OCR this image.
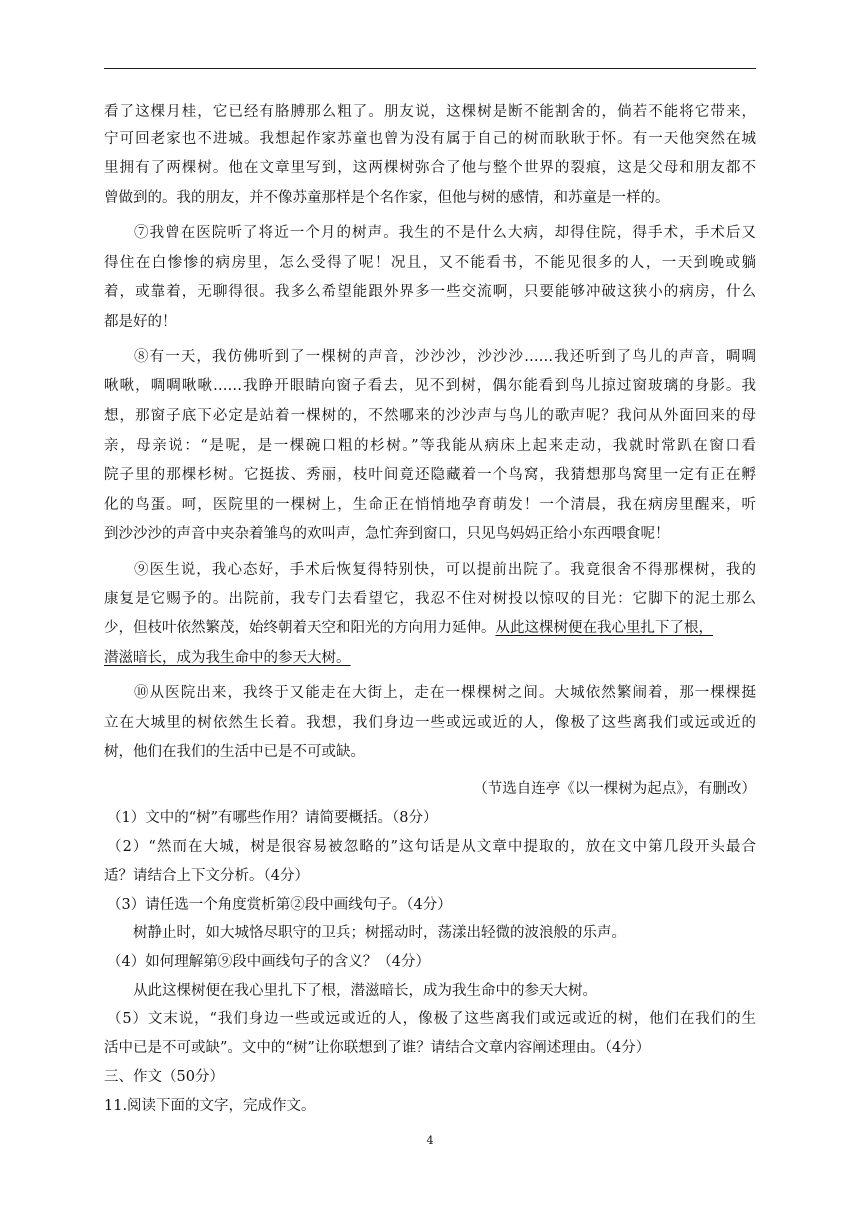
看了这棵月桂，它已经有胳膊那么粗了。朋友说，这棵树是断不能割舍的，倘若不能将它带来，
宁可回老家也不进城。我想起作家苏童也曾为没有属于自己的树而耿耿于怀。有一天他突然在城
里拥有了两棵树。他在文章里写到，这两棵树弥合了他与整个世界的裂痕，这是父母和朋友都不
曾做到的。我的朋友，并不像苏童那样是个名作家，但他与树的感情，和苏童是一样的。
⑦我曾在医院听了将近一个月的树声。我生的不是什么大病，却得住院，得手术，手术后又
得住在白惨惨的病房里，怎么受得了呢！况且，又不能看书，不能见很多的人，一天到晚或躺
着，或靠着，无聊得很。我多么希望能跟外界多一些交流啊，只要能够冲破这狭小的病房，什么
都是好的！
⑧有一天，我仿佛听到了一棵树的声音，沙沙沙，沙沙沙……我还听到了鸟儿的声音，啁啁
啾啾，啁啁啾啾……我睁开眼睛向窗子看去，见不到树，偶尔能看到鸟儿掠过窗玻璃的身影。我
想，那窗子底下必定是站着一棵树的，不然哪来的沙沙声与鸟儿的歌声呢？我问从外面回来的母
亲，母亲说：“是呢，是一棵碗口粗的杉树。”等我能从病床上起来走动，我就时常趴在窗口看
院子里的那棵杉树。它挺拔、秀丽，枝叶间竟还隐藏着一个鸟窝，我猜想那鸟窝里一定有正在孵
化的鸟蛋。呵，医院里的一棵树上，生命正在悄悄地孕育萌发！一个清晨，我在病房里醒来，听
到沙沙沙的声音中夹杂着雏鸟的欢叫声，急忙奔到窗口，只见鸟妈妈正给小东西喂食呢！
⑨医生说，我心态好，手术后恢复得特别快，可以提前出院了。我竟很舍不得那棵树，我的
康复是它赐予的。出院前，我专门去看望它，我忍不住对树投以惊叹的目光：它脚下的泥土那么
少，但枝叶依然繁茂，始终朝着天空和阳光的方向用力延伸。从此这棵树便在我心里扎下了根，
潜滋暗长，成为我生命中的参天大树。
⑩从医院出来，我终于又能走在大街上，走在一棵棵树之间。大城依然繁闹着，那一棵棵挺
立在大城里的树依然生长着。我想，我们身边一些或远或近的人，像极了这些离我们或远或近的
树，他们在我们的生活中已是不可或缺。
（节选自连亭《以一棵树为起点》，有删改）
（1）文中的“树”有哪些作用？请简要概括。（8分）
（2）“然而在大城，树是很容易被忽略的”这句话是从文章中提取的，放在文中第几段开头最合
适？请结合上下文分析。（4分）
（3）请任选一个角度赏析第②段中画线句子。（4分）
树静止时，如大城恪尽职守的卫兵；树摇动时，荡漾出轻微的波浪般的乐声。
（4）如何理解第⑨段中画线句子的含义？（4分）
从此这棵树便在我心里扎下了根，潜滋暗长，成为我生命中的参天大树。
（5）文末说，“我们身边一些或远或近的人，像极了这些离我们或远或近的树，他们在我们的生
活中已是不可或缺”。文中的“树”让你联想到了谁？请结合文章内容阐述理由。（4分）
三、作文（50分）
11.阅读下面的文字，完成作文。
4
